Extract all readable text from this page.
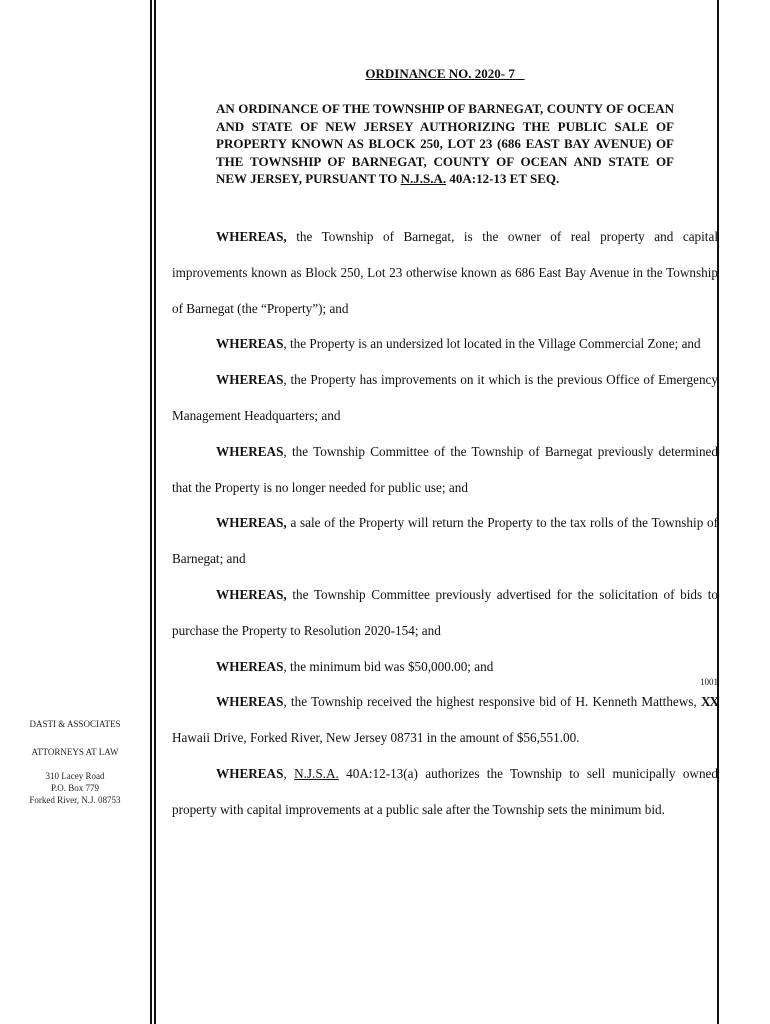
DASTI & ASSOCIATES
ATTORNEYS AT LAW
310 Lacey Road
P.O. Box 779
Forked River, N.J. 08753
ORDINANCE NO. 2020- 7
AN ORDINANCE OF THE TOWNSHIP OF BARNEGAT, COUNTY OF OCEAN AND STATE OF NEW JERSEY AUTHORIZING THE PUBLIC SALE OF PROPERTY KNOWN AS BLOCK 250, LOT 23 (686 EAST BAY AVENUE) OF THE TOWNSHIP OF BARNEGAT, COUNTY OF OCEAN AND STATE OF NEW JERSEY, PURSUANT TO N.J.S.A. 40A:12-13 ET SEQ.
WHEREAS, the Township of Barnegat, is the owner of real property and capital improvements known as Block 250, Lot 23 otherwise known as 686 East Bay Avenue in the Township of Barnegat (the “Property”); and
WHEREAS, the Property is an undersized lot located in the Village Commercial Zone; and
WHEREAS, the Property has improvements on it which is the previous Office of Emergency Management Headquarters; and
WHEREAS, the Township Committee of the Township of Barnegat previously determined that the Property is no longer needed for public use; and
WHEREAS, a sale of the Property will return the Property to the tax rolls of the Township of Barnegat; and
WHEREAS, the Township Committee previously advertised for the solicitation of bids to purchase the Property to Resolution 2020-154; and
WHEREAS, the minimum bid was $50,000.00; and
WHEREAS, the Township received the highest responsive bid of H. Kenneth Matthews,
1001
XX Hawaii Drive, Forked River, New Jersey 08731 in the amount of $56,551.00.
WHEREAS, N.J.S.A. 40A:12-13(a) authorizes the Township to sell municipally owned property with capital improvements at a public sale after the Township sets the minimum bid.
